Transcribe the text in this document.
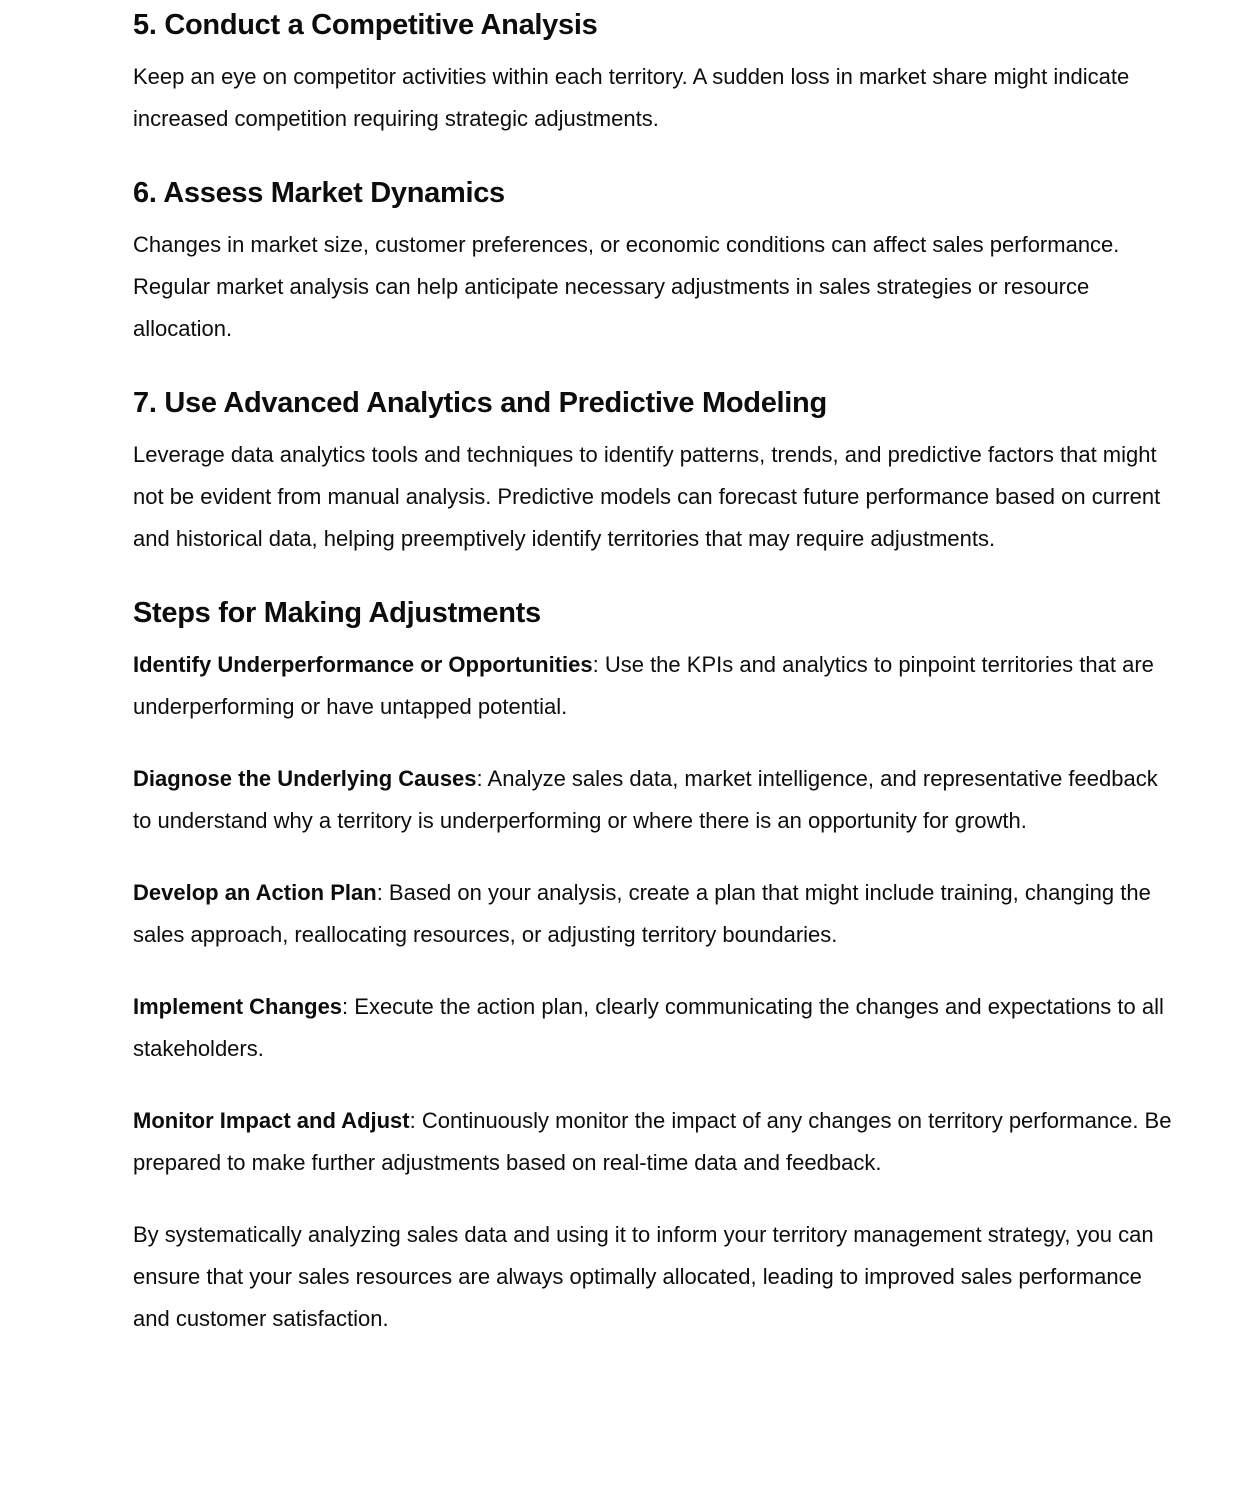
5. Conduct a Competitive Analysis

Keep an eye on competitor activities within each territory. A sudden loss in market share might indicate increased competition requiring strategic adjustments.

6. Assess Market Dynamics

Changes in market size, customer preferences, or economic conditions can affect sales performance. Regular market analysis can help anticipate necessary adjustments in sales strategies or resource allocation.

7. Use Advanced Analytics and Predictive Modeling

Leverage data analytics tools and techniques to identify patterns, trends, and predictive factors that might not be evident from manual analysis. Predictive models can forecast future performance based on current and historical data, helping preemptively identify territories that may require adjustments.

Steps for Making Adjustments

Identify Underperformance or Opportunities: Use the KPIs and analytics to pinpoint territories that are underperforming or have untapped potential.

Diagnose the Underlying Causes: Analyze sales data, market intelligence, and representative feedback to understand why a territory is underperforming or where there is an opportunity for growth.

Develop an Action Plan: Based on your analysis, create a plan that might include training, changing the sales approach, reallocating resources, or adjusting territory boundaries.

Implement Changes: Execute the action plan, clearly communicating the changes and expectations to all stakeholders.

Monitor Impact and Adjust: Continuously monitor the impact of any changes on territory performance. Be prepared to make further adjustments based on real-time data and feedback.

By systematically analyzing sales data and using it to inform your territory management strategy, you can ensure that your sales resources are always optimally allocated, leading to improved sales performance and customer satisfaction.
